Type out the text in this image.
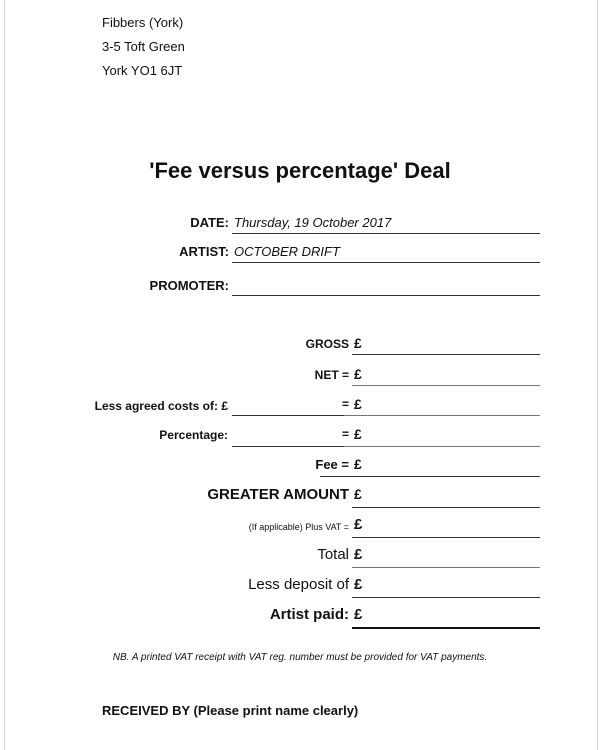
Fibbers (York)
3-5 Toft Green
York YO1 6JT
'Fee versus percentage' Deal
DATE: Thursday, 19 October 2017
ARTIST: OCTOBER DRIFT
PROMOTER:
GROSS £
NET = £
Less agreed costs of: £	= £
Percentage:	= £
Fee = £
GREATER AMOUNT £
(If applicable) Plus VAT = £
Total £
Less deposit of £
Artist paid: £
NB. A printed VAT receipt with VAT reg. number must be provided for VAT payments.
RECEIVED BY (Please print name clearly)
